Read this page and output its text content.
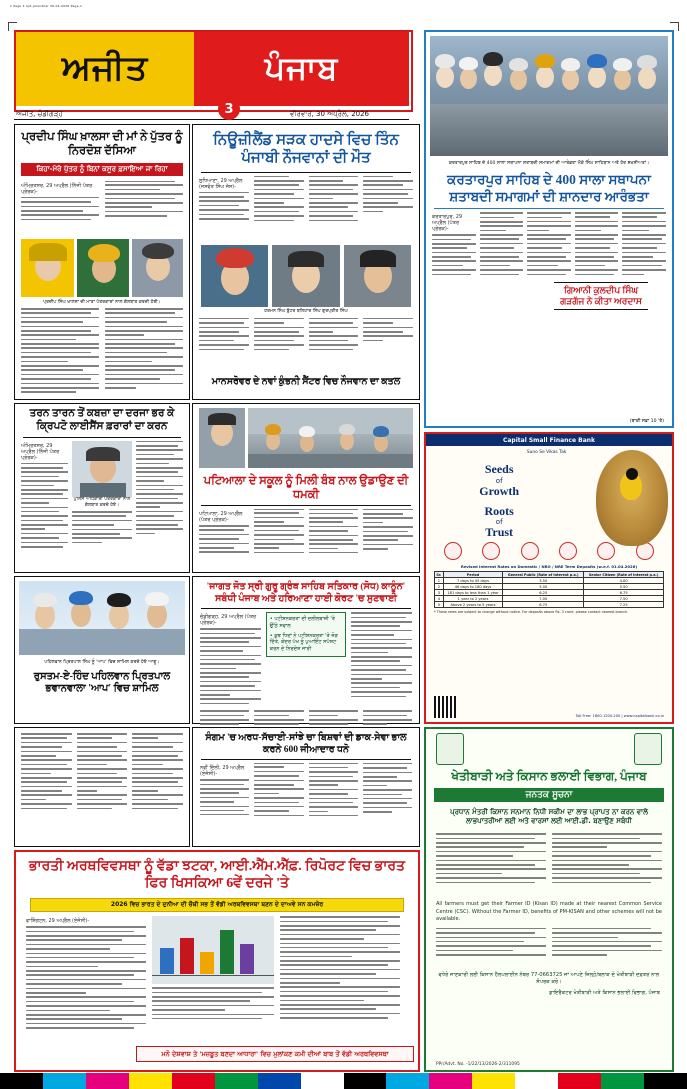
1 Page 3 Ajit-Jalandhar 30-04-2026 Page-1
ਅਜੀਤ	ਪੰਜਾਬ
3
ਅਜੀਤ, ਚੰਡੀਗੜ੍ਹ	ਵੀਰਵਾਰ, 30 ਅਪ੍ਰੈਲ, 2026
ਕਰਤਾਰਪੁਰ ਸਾਹਿਬ ਦੇ 400 ਸਾਲਾ ਸਥਾਪਨਾ ਸ਼ਤਾਬਦੀ ਸਮਾਗਮਾਂ ਦੀ ਆਰੰਭਤਾ ਮੌਕੇ ਸਿੰਘ ਸਾਹਿਬਾਨ ਅਤੇ ਹੋਰ ਸ਼ਖ਼ਸੀਅਤਾਂ।
ਕਰਤਾਰਪੁਰ ਸਾਹਿਬ ਦੇ 400 ਸਾਲਾ ਸਥਾਪਨਾ ਸ਼ਤਾਬਦੀ ਸਮਾਗਮਾਂ ਦੀ ਸ਼ਾਨਦਾਰ ਆਰੰਭਤਾ
ਕਰਤਾਰਪੁਰ, 29 ਅਪ੍ਰੈਲ (ਪੱਤਰ ਪ੍ਰੇਰਕ)-
ਗਿਆਨੀ ਕੁਲਦੀਪ ਸਿੰਘ ਗੜਗੱਜ ਨੇ ਕੀਤਾ ਅਰਦਾਸ
(ਬਾਕੀ ਸਫ਼ਾ 10 'ਤੇ)
ਪ੍ਰਦੀਪ ਸਿੰਘ ਖ਼ਾਲਸਾ ਦੀ ਮਾਂ ਨੇ ਪੁੱਤਰ ਨੂੰ ਨਿਰਦੋਸ਼ ਦੱਸਿਆ
ਕਿਹਾ-ਮੇਰੇ ਪੁੱਤਰ ਨੂੰ ਬਿਨਾਂ ਕਸੂਰ ਫ਼ਸਾਇਆ ਜਾ ਰਿਹਾ
ਅੰਮ੍ਰਿਤਸਰ, 29 ਅਪ੍ਰੈਲ (ਨਿੱਜੀ ਪੱਤਰ ਪ੍ਰੇਰਕ)-
ਪ੍ਰਦੀਪ ਸਿੰਘ ਖ਼ਾਲਸਾ ਦੀ ਮਾਤਾ ਪੱਤਰਕਾਰਾਂ ਨਾਲ ਗੱਲਬਾਤ ਕਰਦੀ ਹੋਈ।
ਨਿਊਜ਼ੀਲੈਂਡ ਸੜਕ ਹਾਦਸੇ ਵਿਚ ਤਿੰਨ ਪੰਜਾਬੀ ਨੌਜਵਾਨਾਂ ਦੀ ਮੌਤ
ਲੁਧਿਆਣਾ, 29 ਅਪ੍ਰੈਲ (ਜਸਵੰਤ ਸਿੰਘ ਜੱਸ)-
ਹਰਮਨ ਸਿੰਘ ਬੁੱਟਰ ਬਲਿਹਾਰ ਸਿੰਘ ਗੁਰਪ੍ਰੀਤ ਸਿੰਘ
ਮਾਨਸਰੋਵਰ ਦੇ ਨਵਾਂ ਕੁੰਭਨੀ ਸੈਂਟਰ ਵਿਚ ਨੌਜਵਾਨ ਦਾ ਕਤਲ
ਤਰਨ ਤਾਰਨ ਤੋਂ ਕਬਜ਼ਾ ਦਾ ਦਰਜਾ ਭਰ ਕੇ ਕ੍ਰਿਪਟੋ ਲਾਈਸੈਂਸ ਫ਼ਰਾਰਾਂ ਦਾ ਕਰਨ
ਅੰਮ੍ਰਿਤਸਰ, 29 ਅਪ੍ਰੈਲ (ਨਿੱਜੀ ਪੱਤਰ ਪ੍ਰੇਰਕ)-
ਪੁਲਿਸ ਅਧਿਕਾਰੀ ਪੱਤਰਕਾਰਾਂ ਨਾਲ ਗੱਲਬਾਤ ਕਰਦੇ ਹੋਏ।
ਪਟਿਆਲਾ ਦੇ ਸਕੂਲ ਨੂੰ ਮਿਲੀ ਬੰਬ ਨਾਲ ਉਡਾਉਣ ਦੀ ਧਮਕੀ
ਪਟਿਆਲਾ, 29 ਅਪ੍ਰੈਲ (ਪੱਤਰ ਪ੍ਰੇਰਕ)-
ਪਹਿਲਵਾਨ ਪ੍ਰਿਤਪਾਲ ਸਿੰਘ ਨੂੰ 'ਆਪ' ਵਿਚ ਸ਼ਾਮਿਲ ਕਰਦੇ ਹੋਏ ਆਗੂ।
ਰੁਸਤਮ-ਏ-ਹਿੰਦ ਪਹਿਲਵਾਨ ਪ੍ਰਿਤਪਾਲ ਭਵਾਨਵਾਲਾ 'ਆਪ' ਵਿਚ ਸ਼ਾਮਿਲ
'ਜਾਗਤ ਜੋਤ ਸ੍ਰੀ ਗੁਰੂ ਗ੍ਰੰਥ ਸਾਹਿਬ ਸਤਿਕਾਰ (ਸੋਧ) ਕਾਨੂੰਨ' ਸਬੰਧੀ ਪੰਜਾਬ ਅਤੇ ਹਰਿਆਣਾ ਹਾਈ ਕੋਰਟ 'ਚ ਸੁਣਵਾਈ
ਚੰਡੀਗੜ੍ਹ, 29 ਅਪ੍ਰੈਲ (ਪੱਤਰ ਪ੍ਰੇਰਕ)-
• ਪਟੀਸ਼ਨਕਰਤਾ ਦੀ ਦਲੀਲਬਾਜ਼ੀ 'ਤੇ ਉੱਠੇ ਸਵਾਲ
• ਕੁਝ ਧਿਰਾਂ ਨੇ ਪਟੀਸ਼ਨਕਰਤਾ 'ਤੇ ਜੋੜ ਦਿੱਤੇ, ਕੇਂਦਰ ਪੱਖ ਨੂੰ ਪੁਆਇੰਟ ਸਪੱਸ਼ਟ ਕਰਨ ਦੇ ਨਿਰਦੇਸ਼ ਜਾਰੀ
Capital Small Finance Bank
Suno Se Vikas Tak
Seeds
of
Growth
Roots
of
Trust
Revised Interest Rates on Domestic / NRO / NRE Term Deposits (w.e.f. 01.04.2026)
Sr.	Period	General Public (Rate of Interest p.a.)	Senior Citizen (Rate of Interest p.a.)
1	7 days to 45 days	3.50	4.00
2	46 days to 180 days	5.00	5.50
3	181 days to less than 1 year	6.25	6.75
4	1 year to 2 years	7.00	7.50
5	Above 2 years to 5 years	6.75	7.25
* These rates are subject to change without notice. For deposits above Rs. 3 crore, please contact nearest branch.
Toll Free: 1800-1200-200 | www.capitalbank.co.in
ਸੰਗਮ 'ਚ ਅਰਧ-ਸੱਚਾਈ-ਸਾਂਝੇ ਚਾ ਬਿਸ਼ਵਾਂ ਦੀ ਡਾਕ-ਸੇਵਾ ਭਾਲ ਕਰਨੇ 600 ਜੀਆਦਾਰ ਧਨੋ
ਨਵੀਂ ਦਿੱਲੀ, 29 ਅਪ੍ਰੈਲ (ਏਜੰਸੀ)-
ਭਾਰਤੀ ਅਰਥਵਿਵਸਥਾ ਨੂੰ ਵੱਡਾ ਝਟਕਾ, ਆਈ.ਐੱਮ.ਐੱਫ਼. ਰਿਪੋਰਟ ਵਿਚ ਭਾਰਤ ਫਿਰ ਖਿਸਕਿਆ 6ਵੇਂ ਦਰਜੇ 'ਤੇ
2026 ਵਿਚ ਭਾਰਤ ਦੇ ਦੁਨੀਆ ਦੀ ਚੌਥੀ ਸਭ ਤੋਂ ਵੱਡੀ ਅਰਥਵਿਵਸਥਾ ਬਣਨ ਦੇ ਦਾਅਵੇ ਸਨ ਕਮਜ਼ੋਰ
ਵਾਸ਼ਿੰਗਟਨ, 29 ਅਪ੍ਰੈਲ (ਏਜੰਸੀ)-
ਮਨੋ ਦੇਸ਼ਵਾਸ਼ ਤੇ 'ਮਜ਼ਬੂਤ ਬਣਦਾ ਆਧਾਰਾ' ਵਿਚ ਮੁਲਾਂਕਣ ਕਮੀ ਦੀਆਂ ਬਾਬ ਤੋਂ ਵੱਡੀ ਅਰਥਵਿਵਸਥਾ
ਖੇਤੀਬਾੜੀ ਅਤੇ ਕਿਸਾਨ ਭਲਾਈ ਵਿਭਾਗ, ਪੰਜਾਬ
ਜਨਤਕ ਸੂਚਨਾ
ਪ੍ਰਧਾਨ ਮੰਤਰੀ ਕਿਸਾਨ ਸਨਮਾਨ ਨਿਧੀ ਸਕੀਮ ਦਾ ਲਾਭ ਪ੍ਰਾਪਤ ਨਾ ਕਰਨ ਵਾਲੇ ਲਾਭਪਾਤਰੀਆਂ ਲਈ ਅਤੇ ਵਾਰਸਾਂ ਲਈ ਆਈ.ਡੀ. ਬਣਾਉਣ ਸਬੰਧੀ
All farmers must get their Farmer ID (Kisan ID) made at their nearest Common Service Centre (CSC). Without the Farmer ID, benefits of PM-KISAN and other schemes will not be available.
ਵਧੇਰੇ ਜਾਣਕਾਰੀ ਲਈ ਕਿਸਾਨ ਹੈਲਪਲਾਈਨ ਨੰਬਰ 77-0663725 ਜਾਂ ਆਪਣੇ ਜ਼ਿਲ੍ਹੇ/ਬਲਾਕ ਦੇ ਖੇਤੀਬਾੜੀ ਦਫ਼ਤਰ ਨਾਲ ਸੰਪਰਕ ਕਰੋ।
ਡਾਇਰੈਕਟਰ ਖੇਤੀਬਾੜੀ ਅਤੇ ਕਿਸਾਨ ਭਲਾਈ ਵਿਭਾਗ, ਪੰਜਾਬ
PPr/Advt. No. -1/22/13/2026-2/311095
